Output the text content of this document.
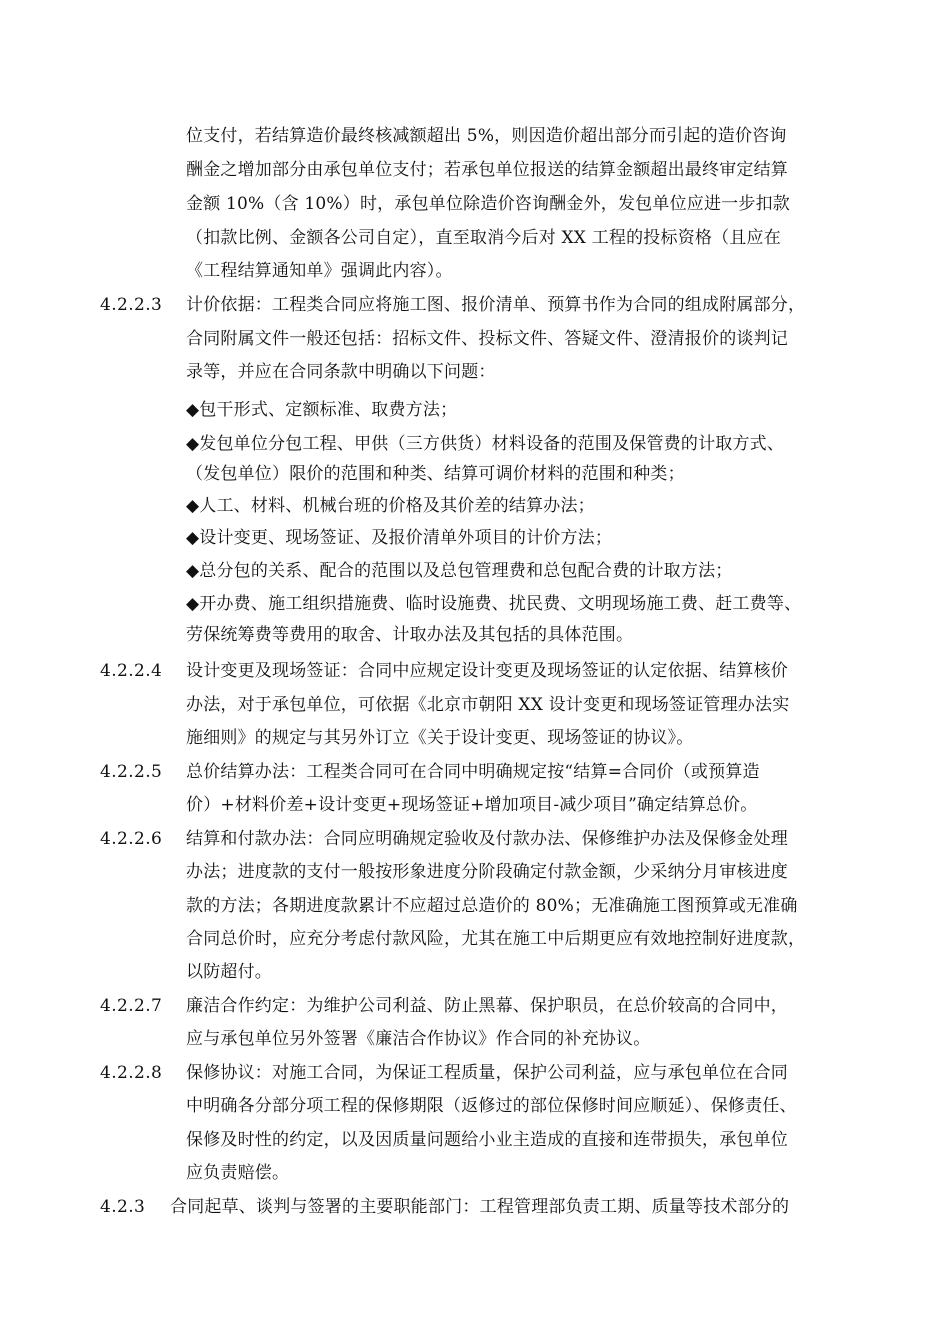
位支付，若结算造价最终核减额超出 5%，则因造价超出部分而引起的造价咨询
酬金之增加部分由承包单位支付；若承包单位报送的结算金额超出最终审定结算
金额 10%（含 10%）时，承包单位除造价咨询酬金外，发包单位应进一步扣款
（扣款比例、金额各公司自定），直至取消今后对 XX 工程的投标资格（且应在
《工程结算通知单》强调此内容）。
4.2.2.3 计价依据：工程类合同应将施工图、报价清单、预算书作为合同的组成附属部分，
合同附属文件一般还包括：招标文件、投标文件、答疑文件、澄清报价的谈判记
录等，并应在合同条款中明确以下问题：
◆包干形式、定额标准、取费方法；
◆发包单位分包工程、甲供（三方供货）材料设备的范围及保管费的计取方式、
（发包单位）限价的范围和种类、结算可调价材料的范围和种类；
◆人工、材料、机械台班的价格及其价差的结算办法；
◆设计变更、现场签证、及报价清单外项目的计价方法；
◆总分包的关系、配合的范围以及总包管理费和总包配合费的计取方法；
◆开办费、施工组织措施费、临时设施费、扰民费、文明现场施工费、赶工费等、
劳保统筹费等费用的取舍、计取办法及其包括的具体范围。
4.2.2.4 设计变更及现场签证：合同中应规定设计变更及现场签证的认定依据、结算核价
办法，对于承包单位，可依据《北京市朝阳 XX 设计变更和现场签证管理办法实
施细则》的规定与其另外订立《关于设计变更、现场签证的协议》。
4.2.2.5 总价结算办法：工程类合同可在合同中明确规定按“结算=合同价（或预算造
价）+材料价差+设计变更+现场签证+增加项目-减少项目”确定结算总价。
4.2.2.6 结算和付款办法：合同应明确规定验收及付款办法、保修维护办法及保修金处理
办法；进度款的支付一般按形象进度分阶段确定付款金额，少采纳分月审核进度
款的方法；各期进度款累计不应超过总造价的 80%；无准确施工图预算或无准确
合同总价时，应充分考虑付款风险，尤其在施工中后期更应有效地控制好进度款，
以防超付。
4.2.2.7 廉洁合作约定：为维护公司利益、防止黑幕、保护职员，在总价较高的合同中，
应与承包单位另外签署《廉洁合作协议》作合同的补充协议。
4.2.2.8 保修协议：对施工合同，为保证工程质量，保护公司利益，应与承包单位在合同
中明确各分部分项工程的保修期限（返修过的部位保修时间应顺延）、保修责任、
保修及时性的约定，以及因质量问题给小业主造成的直接和连带损失，承包单位
应负责赔偿。
4.2.3 合同起草、谈判与签署的主要职能部门：工程管理部负责工期、质量等技术部分的
